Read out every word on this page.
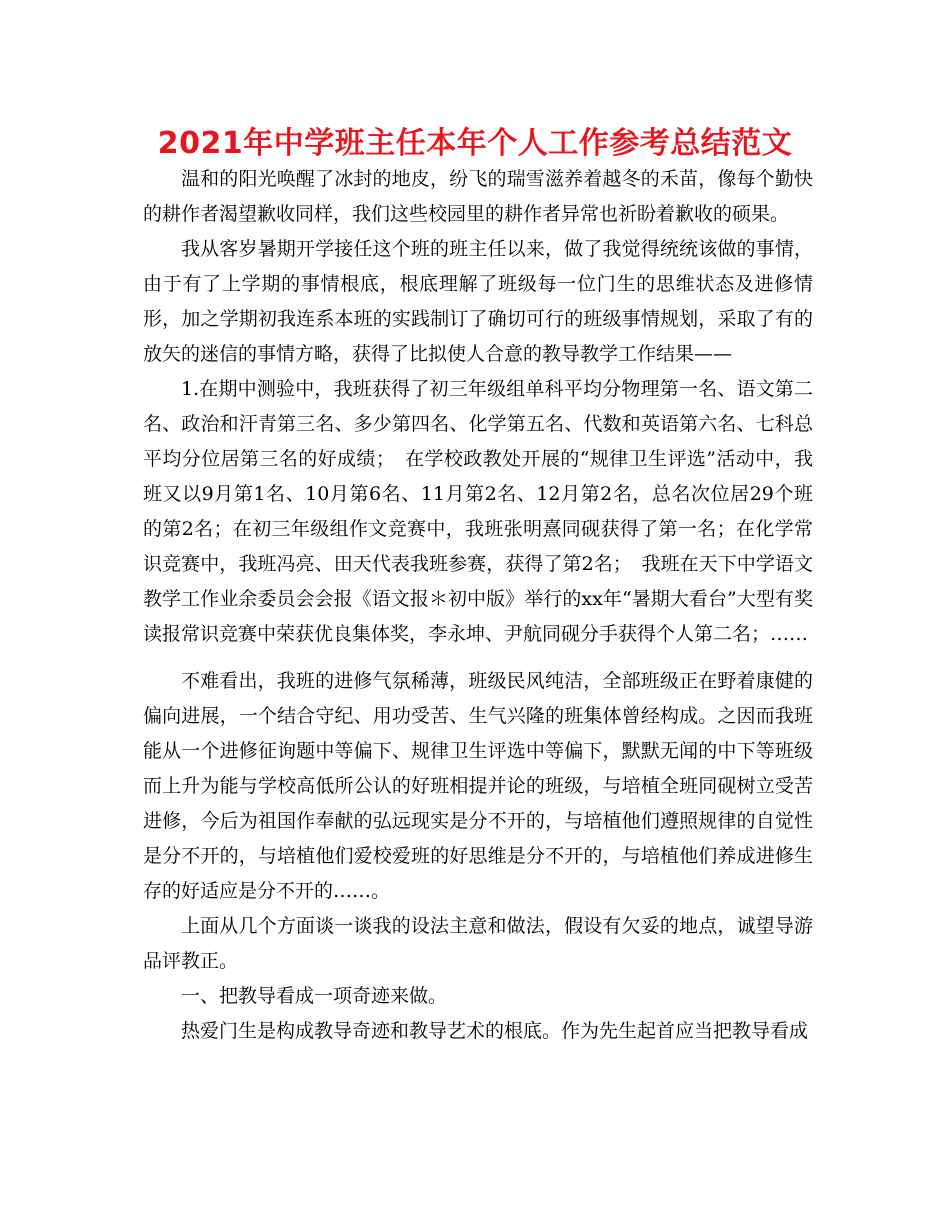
2021年中学班主任本年个人工作参考总结范文

温和的阳光唤醒了冰封的地皮，纷飞的瑞雪滋养着越冬的禾苗，像每个勤快的耕作者渴望歉收同样，我们这些校园里的耕作者异常也祈盼着歉收的硕果。

我从客岁暑期开学接任这个班的班主任以来，做了我觉得统统该做的事情，由于有了上学期的事情根底，根底理解了班级每一位门生的思维状态及进修情形，加之学期初我连系本班的实践制订了确切可行的班级事情规划，采取了有的放矢的迷信的事情方略，获得了比拟使人合意的教导教学工作结果——

1.在期中测验中，我班获得了初三年级组单科平均分物理第一名、语文第二名、政治和汗青第三名、多少第四名、化学第五名、代数和英语第六名、七科总平均分位居第三名的好成绩；　在学校政教处开展的“规律卫生评选”活动中，我班又以9月第1名、10月第6名、11月第2名、12月第2名，总名次位居29个班的第2名；在初三年级组作文竞赛中，我班张明熹同砚获得了第一名；在化学常识竞赛中，我班冯亮、田天代表我班参赛，获得了第2名；　我班在天下中学语文教学工作业余委员会会报《语文报＊初中版》举行的xx年“暑期大看台”大型有奖读报常识竞赛中荣获优良集体奖，李永坤、尹航同砚分手获得个人第二名；……

不难看出，我班的进修气氛稀薄，班级民风纯洁，全部班级正在野着康健的偏向进展，一个结合守纪、用功受苦、生气兴隆的班集体曾经构成。之因而我班能从一个进修征询题中等偏下、规律卫生评选中等偏下，默默无闻的中下等班级而上升为能与学校高低所公认的好班相提并论的班级，与培植全班同砚树立受苦进修，今后为祖国作奉献的弘远现实是分不开的，与培植他们遵照规律的自觉性是分不开的，与培植他们爱校爱班的好思维是分不开的，与培植他们养成进修生存的好适应是分不开的……。

上面从几个方面谈一谈我的设法主意和做法，假设有欠妥的地点，诚望导游品评教正。

一、把教导看成一项奇迹来做。

热爱门生是构成教导奇迹和教导艺术的根底。作为先生起首应当把教导看成
